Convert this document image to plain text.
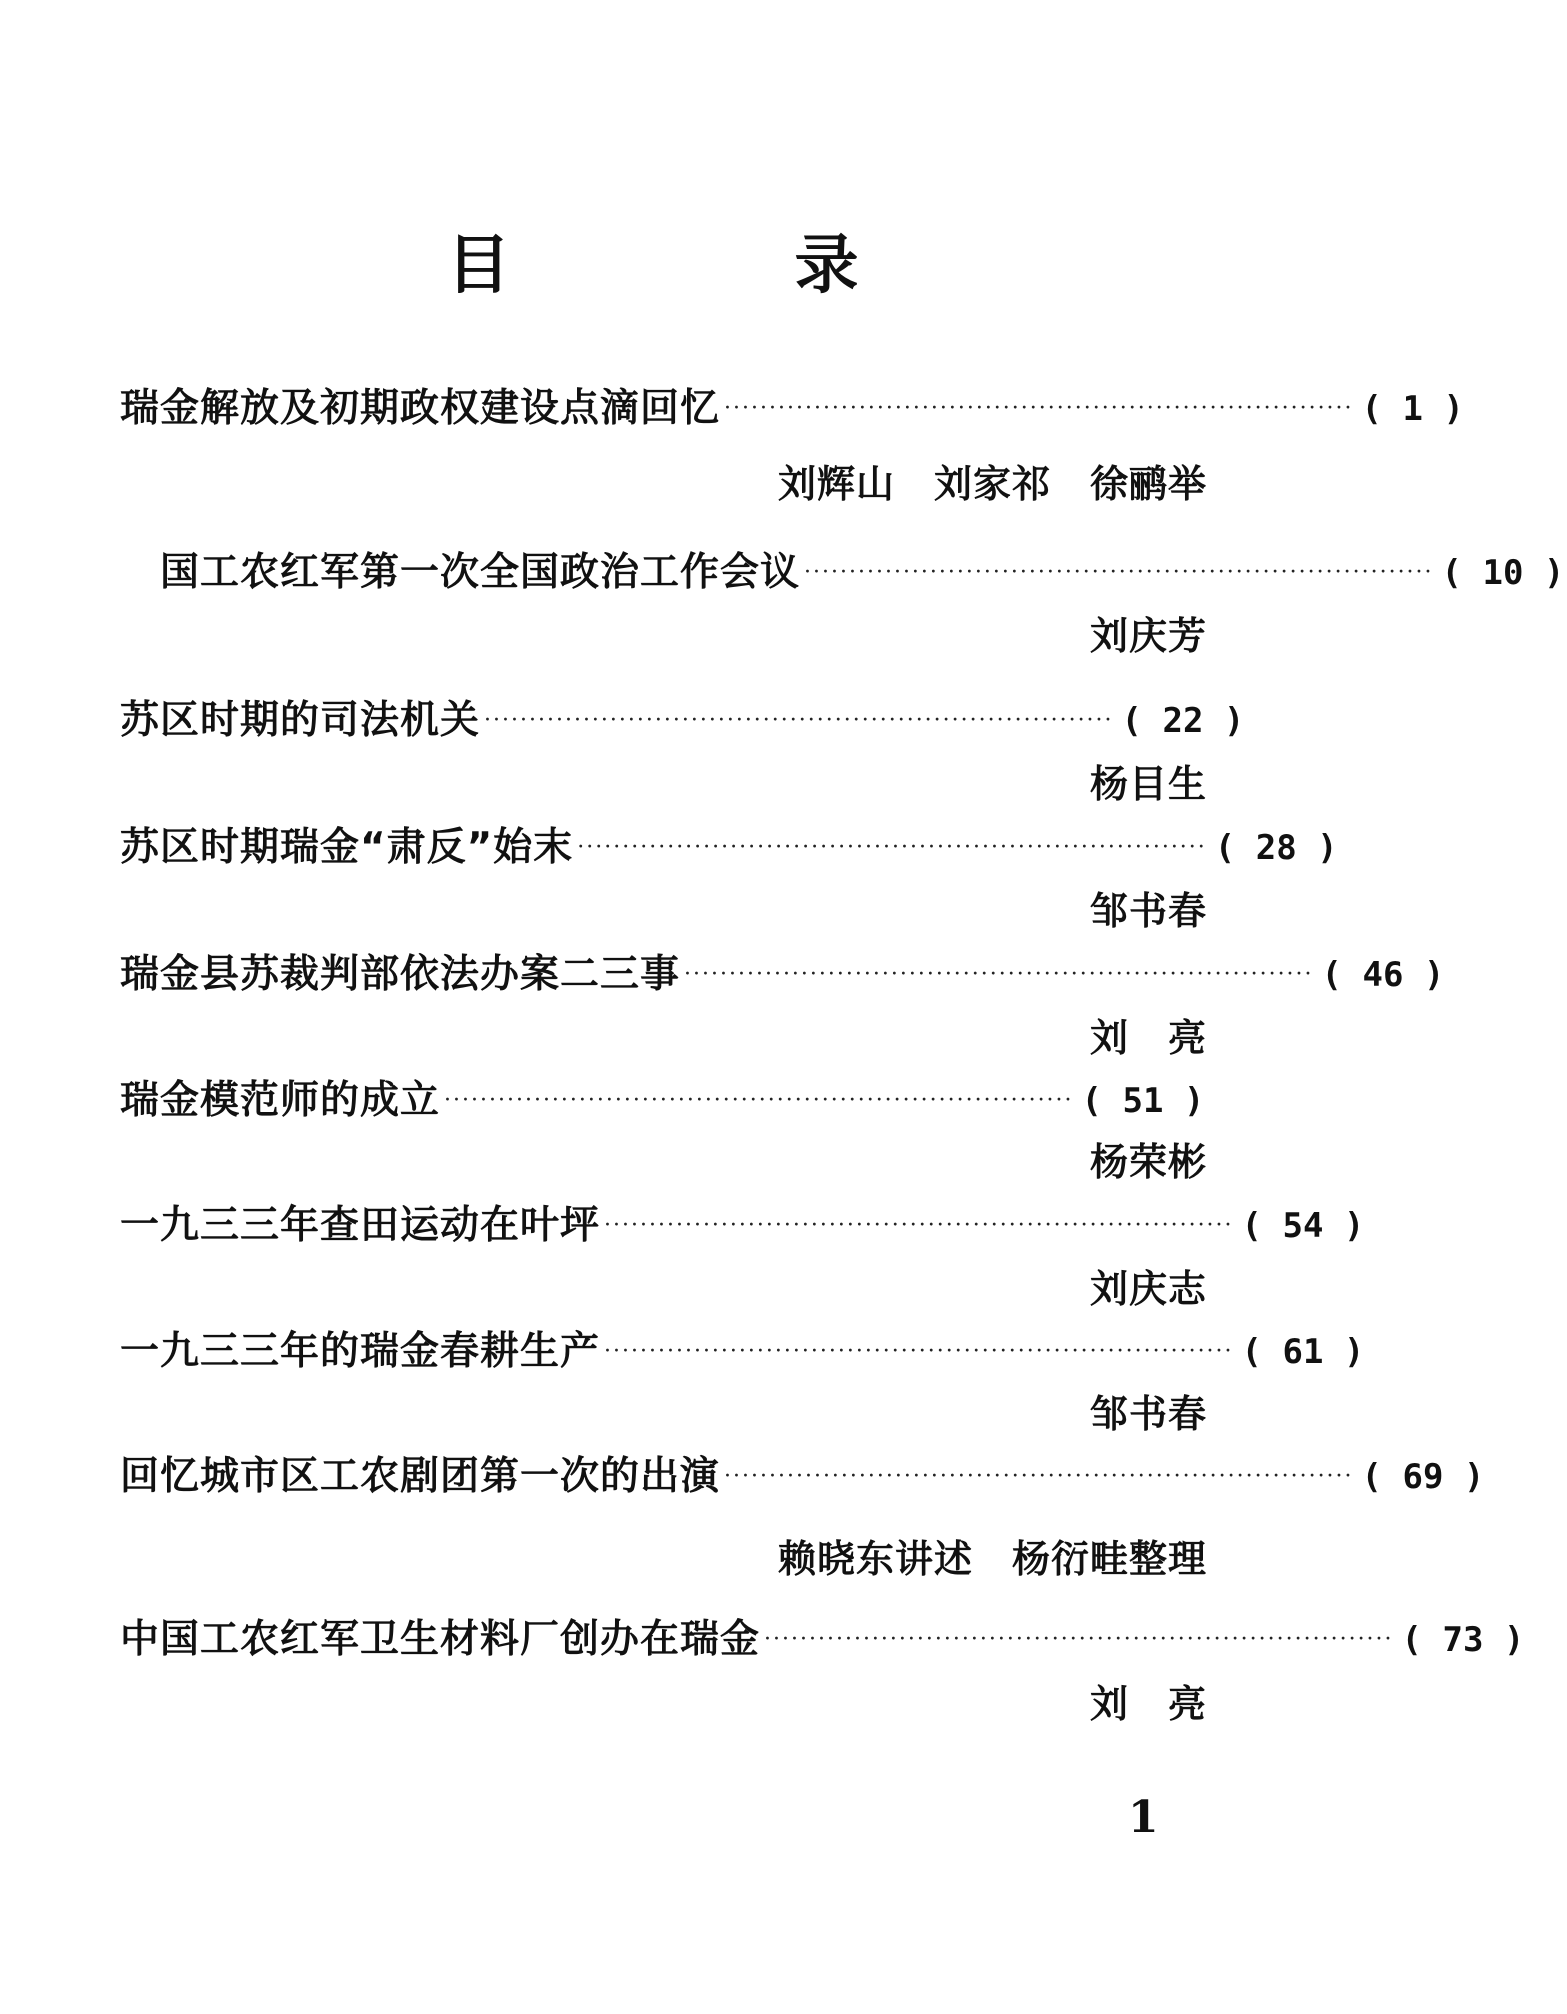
目　录
瑞金解放及初期政权建设点滴回忆 ······································································ ( 1 )
刘辉山　刘家祁　徐鹂举
　国工农红军第一次全国政治工作会议 ······································································ ( 10 )
刘庆芳
苏区时期的司法机关 ······································································ ( 22 )
杨目生
苏区时期瑞金“肃反”始末 ······································································ ( 28 )
邹书春
瑞金县苏裁判部依法办案二三事 ······································································ ( 46 )
刘　亮
瑞金模范师的成立 ······································································ ( 51 )
杨荣彬
一九三三年查田运动在叶坪 ······································································ ( 54 )
刘庆志
一九三三年的瑞金春耕生产 ······································································ ( 61 )
邹书春
回忆城市区工农剧团第一次的出演 ······································································ ( 69 )
赖晓东讲述　杨衍畦整理
中国工农红军卫生材料厂创办在瑞金 ······································································ ( 73 )
刘　亮
1
